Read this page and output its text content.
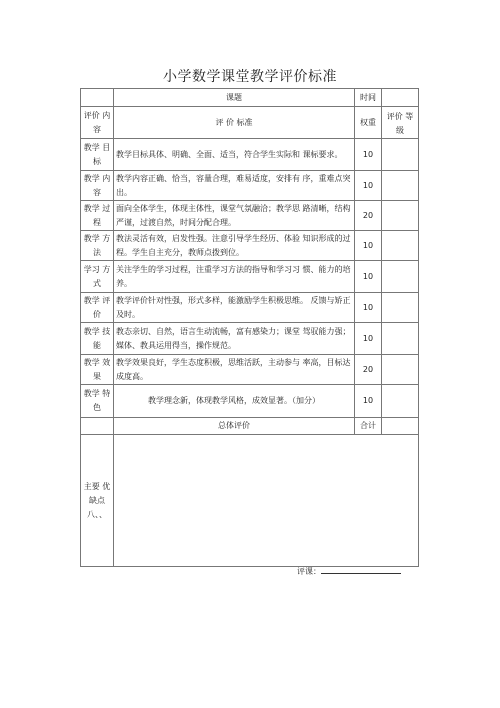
小学数学课堂教学评价标准
	课题	时间	
评价 内容	评 价 标准	权重	评价 等级
教学 目标	教学目标具体、明确、全面、适当，符合学生实际和 课标要求。	10	
教学 内容	教学内容正确、恰当，容量合理，难易适度，安排有 序，重难点突出。	10	
教学 过程	面向全体学生，体现主体性，课堂气氛融洽；教学思 路清晰，结构严谨，过渡自然，时间分配合理。	20	
教学 方法	教法灵活有效，启发性强。注意引导学生经历、体验 知识形成的过程。学生自主充分，教师点拨到位。	10	
学习 方式	关注学生的学习过程，注重学习方法的指导和学习习 惯、能力的培养。	10	
教学 评价	教学评价针对性强，形式多样，能激励学生积极思维。 反馈与矫正及时。	10	
教学 技能	教态亲切、自然，语言生动流畅，富有感染力；课堂 驾驭能力强；媒体、教具运用得当，操作规范。	10	
教学 效果	教学效果良好，学生态度积极，思维活跃，主动参与 率高，目标达成度高。	20	
教学 特色	教学理念新，体现教学风格，成效显著。（加分）	10	
	总体评价	合计	
主要 优缺点 八、、			
评课：
